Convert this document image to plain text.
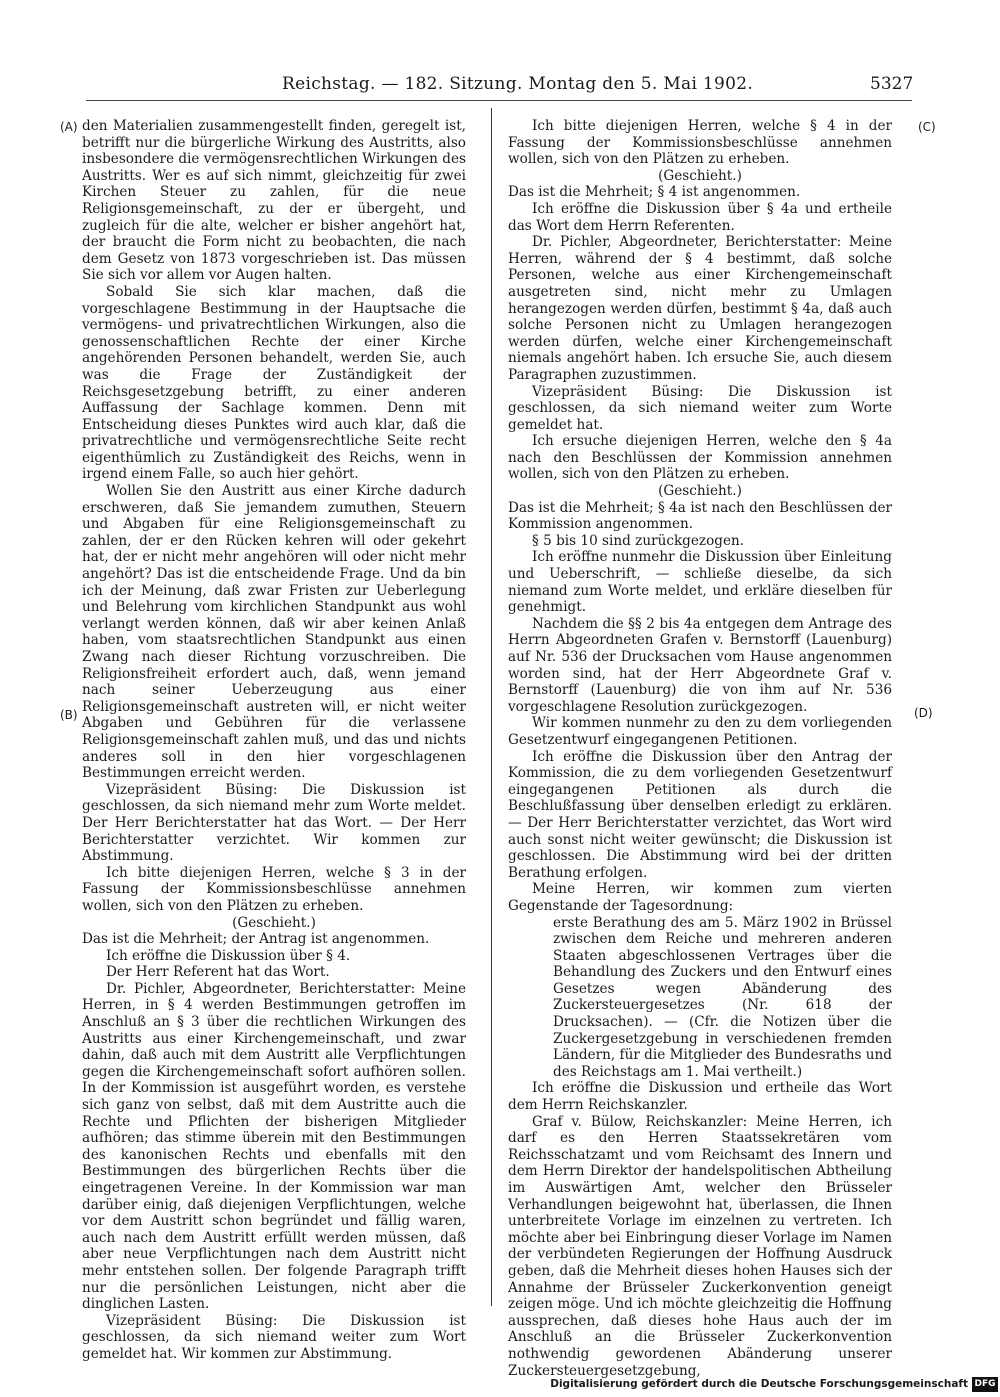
Reichstag. — 182. Sitzung. Montag den 5. Mai 1902.	5327
(A)
(B)
(C)
(D)

den Materialien zusammengestellt finden, geregelt ist, betrifft nur die bürgerliche Wirkung des Austritts, also insbesondere die vermögensrechtlichen Wirkungen des Austritts. Wer es auf sich nimmt, gleichzeitig für zwei Kirchen Steuer zu zahlen, für die neue Religionsgemeinschaft, zu der er übergeht, und zugleich für die alte, welcher er bisher angehört hat, der braucht die Form nicht zu beobachten, die nach dem Gesetz von 1873 vorgeschrieben ist. Das müssen Sie sich vor allem vor Augen halten.

Sobald Sie sich klar machen, daß die vorgeschlagene Bestimmung in der Hauptsache die vermögens- und privatrechtlichen Wirkungen, also die genossenschaftlichen Rechte der einer Kirche angehörenden Personen behandelt, werden Sie, auch was die Frage der Zuständigkeit der Reichsgesetzgebung betrifft, zu einer anderen Auffassung der Sachlage kommen. Denn mit Entscheidung dieses Punktes wird auch klar, daß die privatrechtliche und vermögensrechtliche Seite recht eigenthümlich zu Zuständigkeit des Reichs, wenn in irgend einem Falle, so auch hier gehört.

Wollen Sie den Austritt aus einer Kirche dadurch erschweren, daß Sie jemandem zumuthen, Steuern und Abgaben für eine Religionsgemeinschaft zu zahlen, der er den Rücken kehren will oder gekehrt hat, der er nicht mehr angehören will oder nicht mehr angehört? Das ist die entscheidende Frage. Und da bin ich der Meinung, daß zwar Fristen zur Ueberlegung und Belehrung vom kirchlichen Standpunkt aus wohl verlangt werden können, daß wir aber keinen Anlaß haben, vom staatsrechtlichen Standpunkt aus einen Zwang nach dieser Richtung vorzuschreiben. Die Religionsfreiheit erfordert auch, daß, wenn jemand nach seiner Ueberzeugung aus einer Religionsgemeinschaft austreten will, er nicht weiter Abgaben und Gebühren für die verlassene Religionsgemeinschaft zahlen muß, und das und nichts anderes soll in den hier vorgeschlagenen Bestimmungen erreicht werden.

Vizepräsident Büsing: Die Diskussion ist geschlossen, da sich niemand mehr zum Worte meldet. Der Herr Berichterstatter hat das Wort. — Der Herr Berichterstatter verzichtet. Wir kommen zur Abstimmung.

Ich bitte diejenigen Herren, welche § 3 in der Fassung der Kommissionsbeschlüsse annehmen wollen, sich von den Plätzen zu erheben.

(Geschieht.)

Das ist die Mehrheit; der Antrag ist angenommen.

Ich eröffne die Diskussion über § 4.

Der Herr Referent hat das Wort.

Dr. Pichler, Abgeordneter, Berichterstatter: Meine Herren, in § 4 werden Bestimmungen getroffen im Anschluß an § 3 über die rechtlichen Wirkungen des Austritts aus einer Kirchengemeinschaft, und zwar dahin, daß auch mit dem Austritt alle Verpflichtungen gegen die Kirchengemeinschaft sofort aufhören sollen. In der Kommission ist ausgeführt worden, es verstehe sich ganz von selbst, daß mit dem Austritte auch die Rechte und Pflichten der bisherigen Mitglieder aufhören; das stimme überein mit den Bestimmungen des kanonischen Rechts und ebenfalls mit den Bestimmungen des bürgerlichen Rechts über die eingetragenen Vereine. In der Kommission war man darüber einig, daß diejenigen Verpflichtungen, welche vor dem Austritt schon begründet und fällig waren, auch nach dem Austritt erfüllt werden müssen, daß aber neue Verpflichtungen nach dem Austritt nicht mehr entstehen sollen. Der folgende Paragraph trifft nur die persönlichen Leistungen, nicht aber die dinglichen Lasten.

Vizepräsident Büsing: Die Diskussion ist geschlossen, da sich niemand weiter zum Wort gemeldet hat. Wir kommen zur Abstimmung.

Ich bitte diejenigen Herren, welche § 4 in der Fassung der Kommissionsbeschlüsse annehmen wollen, sich von den Plätzen zu erheben.

(Geschieht.)

Das ist die Mehrheit; § 4 ist angenommen.

Ich eröffne die Diskussion über § 4a und ertheile das Wort dem Herrn Referenten.

Dr. Pichler, Abgeordneter, Berichterstatter: Meine Herren, während der § 4 bestimmt, daß solche Personen, welche aus einer Kirchengemeinschaft ausgetreten sind, nicht mehr zu Umlagen herangezogen werden dürfen, bestimmt § 4a, daß auch solche Personen nicht zu Umlagen herangezogen werden dürfen, welche einer Kirchengemeinschaft niemals angehört haben. Ich ersuche Sie, auch diesem Paragraphen zuzustimmen.

Vizepräsident Büsing: Die Diskussion ist geschlossen, da sich niemand weiter zum Worte gemeldet hat.

Ich ersuche diejenigen Herren, welche den § 4a nach den Beschlüssen der Kommission annehmen wollen, sich von den Plätzen zu erheben.

(Geschieht.)

Das ist die Mehrheit; § 4a ist nach den Beschlüssen der Kommission angenommen.

§ 5 bis 10 sind zurückgezogen.

Ich eröffne nunmehr die Diskussion über Einleitung und Ueberschrift, — schließe dieselbe, da sich niemand zum Worte meldet, und erkläre dieselben für genehmigt.

Nachdem die §§ 2 bis 4a entgegen dem Antrage des Herrn Abgeordneten Grafen v. Bernstorff (Lauenburg) auf Nr. 536 der Drucksachen vom Hause angenommen worden sind, hat der Herr Abgeordnete Graf v. Bernstorff (Lauenburg) die von ihm auf Nr. 536 vorgeschlagene Resolution zurückgezogen.

Wir kommen nunmehr zu den zu dem vorliegenden Gesetzentwurf eingegangenen Petitionen.

Ich eröffne die Diskussion über den Antrag der Kommission, die zu dem vorliegenden Gesetzentwurf eingegangenen Petitionen als durch die Beschlußfassung über denselben erledigt zu erklären. — Der Herr Berichterstatter verzichtet, das Wort wird auch sonst nicht weiter gewünscht; die Diskussion ist geschlossen. Die Abstimmung wird bei der dritten Berathung erfolgen.

Meine Herren, wir kommen zum vierten Gegenstande der Tagesordnung:

erste Berathung des am 5. März 1902 in Brüssel zwischen dem Reiche und mehreren anderen Staaten abgeschlossenen Vertrages über die Behandlung des Zuckers und den Entwurf eines Gesetzes wegen Abänderung des Zuckersteuergesetzes (Nr. 618 der Drucksachen). — (Cfr. die Notizen über die Zuckergesetzgebung in verschiedenen fremden Ländern, für die Mitglieder des Bundesraths und des Reichstags am 1. Mai vertheilt.)

Ich eröffne die Diskussion und ertheile das Wort dem Herrn Reichskanzler.

Graf v. Bülow, Reichskanzler: Meine Herren, ich darf es den Herren Staatssekretären vom Reichsschatzamt und vom Reichsamt des Innern und dem Herrn Direktor der handelspolitischen Abtheilung im Auswärtigen Amt, welcher den Brüsseler Verhandlungen beigewohnt hat, überlassen, die Ihnen unterbreitete Vorlage im einzelnen zu vertreten. Ich möchte aber bei Einbringung dieser Vorlage im Namen der verbündeten Regierungen der Hoffnung Ausdruck geben, daß die Mehrheit dieses hohen Hauses sich der Annahme der Brüsseler Zuckerkonvention geneigt zeigen möge. Und ich möchte gleichzeitig die Hoffnung aussprechen, daß dieses hohe Haus auch der im Anschluß an die Brüsseler Zuckerkonvention nothwendig gewordenen Abänderung unserer Zuckersteuergesetzgebung,

Digitalisierung gefördert durch die Deutsche Forschungsgemeinschaft DFG
